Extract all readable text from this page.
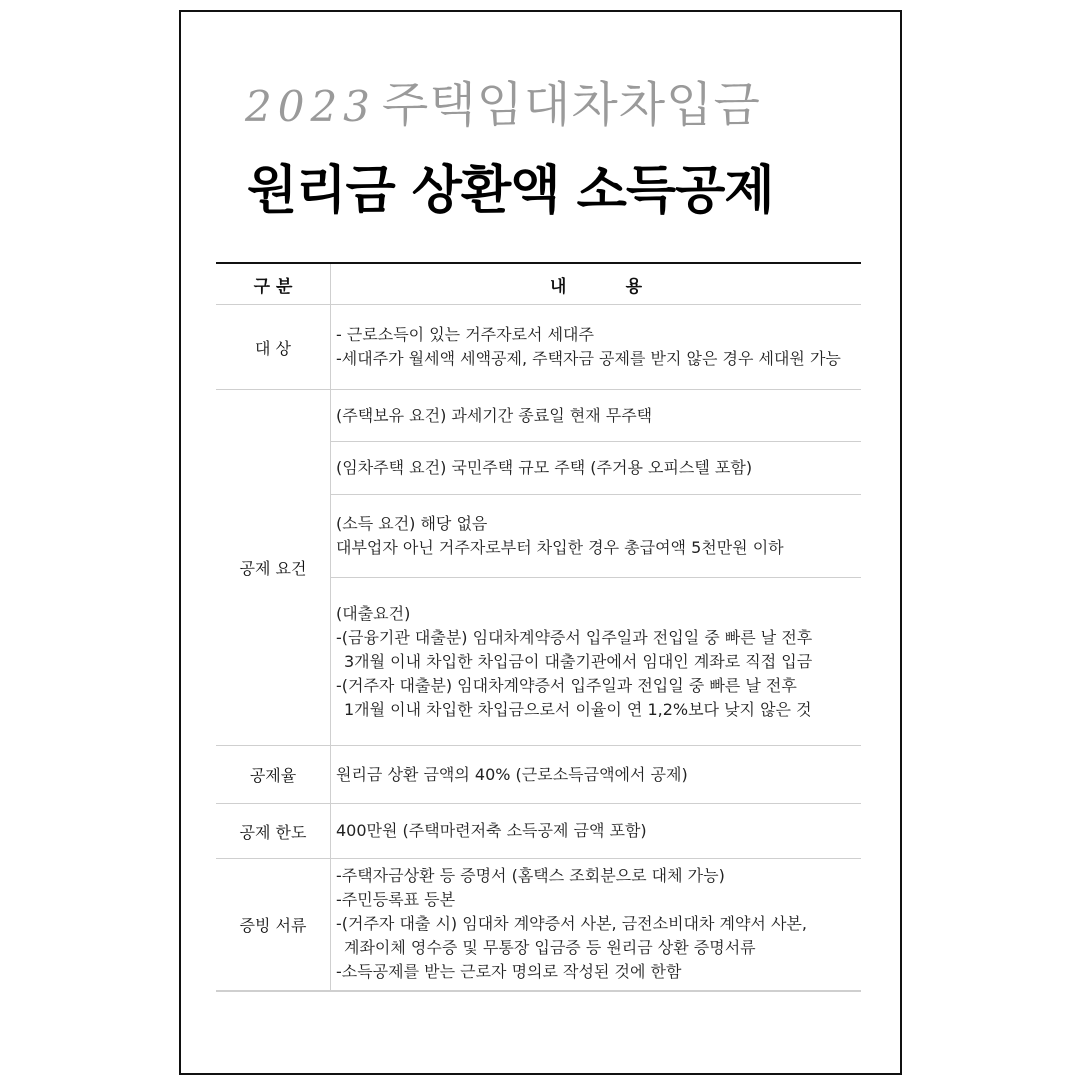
2023 주택임대차차입금
원리금 상환액 소득공제
구 분	내          용
대 상	- 근로소득이 있는 거주자로서 세대주
-세대주가 월세액 세액공제, 주택자금 공제를 받지 않은 경우 세대원 가능

공제 요건	(주택보유 요건) 과세기간 종료일 현재 무주택

	(임차주택 요건) 국민주택 규모 주택 (주거용 오피스텔 포함)

	(소득 요건) 해당 없음
대부업자 아닌 거주자로부터 차입한 경우 총급여액 5천만원 이하

	(대출요건)
-(금융기관 대출분) 임대차계약증서 입주일과 전입일 중 빠른 날 전후
3개월 이내 차입한 차입금이 대출기관에서 임대인 계좌로 직접 입금
-(거주자 대출분) 임대차계약증서 입주일과 전입일 중 빠른 날 전후
1개월 이내 차입한 차입금으로서 이율이 연 1,2%보다 낮지 않은 것

공제율	원리금 상환 금액의 40% (근로소득금액에서 공제)

공제 한도	400만원 (주택마련저축 소득공제 금액 포함)

증빙 서류	-주택자금상환 등 증명서 (홈택스 조회분으로 대체 가능)
-주민등록표 등본
-(거주자 대출 시) 임대차 계약증서 사본, 금전소비대차 계약서 사본,
계좌이체 영수증 및 무통장 입금증 등 원리금 상환 증명서류
-소득공제를 받는 근로자 명의로 작성된 것에 한함
